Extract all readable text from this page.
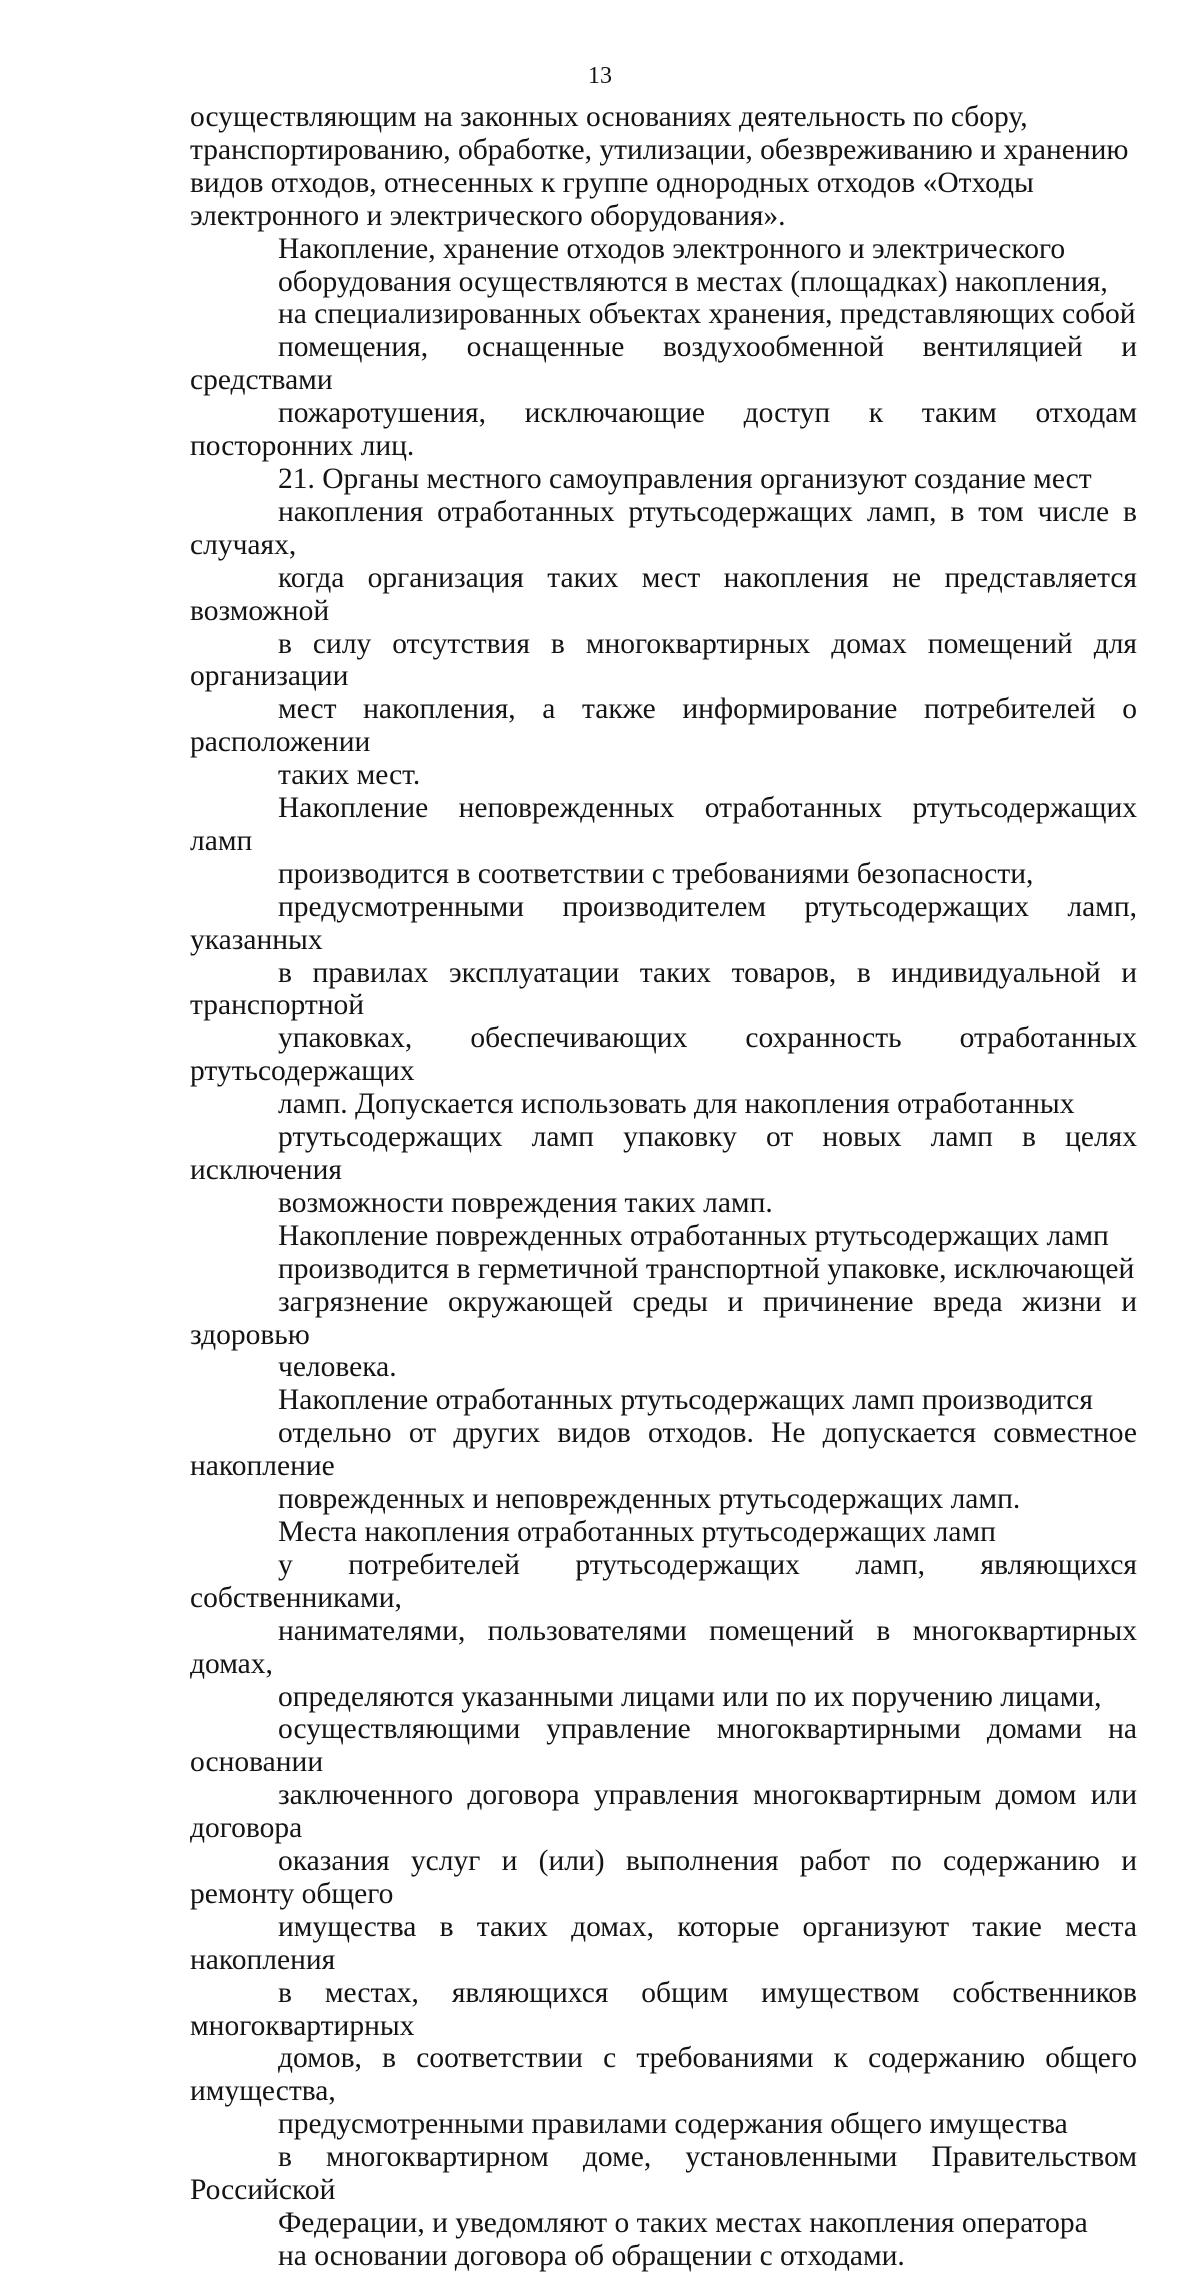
13

осуществляющим на законных основаниях деятельность по сбору,
транспортированию, обработке, утилизации, обезвреживанию и хранению
видов отходов, отнесенных к группе однородных отходов «Отходы
электронного и электрического оборудования».

Накопление, хранение отходов электронного и электрического
оборудования осуществляются в местах (площадках) накопления,
на специализированных объектах хранения, представляющих собой
помещения, оснащенные воздухообменной вентиляцией и средствами
пожаротушения, исключающие доступ к таким отходам посторонних лиц.

21. Органы местного самоуправления организуют создание мест
накопления отработанных ртутьсодержащих ламп, в том числе в случаях,
когда организация таких мест накопления не представляется возможной
в силу отсутствия в многоквартирных домах помещений для организации
мест накопления, а также информирование потребителей о расположении
таких мест.

Накопление неповрежденных отработанных ртутьсодержащих ламп
производится в соответствии с требованиями безопасности,
предусмотренными производителем ртутьсодержащих ламп, указанных
в правилах эксплуатации таких товаров, в индивидуальной и транспортной
упаковках, обеспечивающих сохранность отработанных ртутьсодержащих
ламп. Допускается использовать для накопления отработанных
ртутьсодержащих ламп упаковку от новых ламп в целях исключения
возможности повреждения таких ламп.

Накопление поврежденных отработанных ртутьсодержащих ламп
производится в герметичной транспортной упаковке, исключающей
загрязнение окружающей среды и причинение вреда жизни и здоровью
человека.

Накопление отработанных ртутьсодержащих ламп производится
отдельно от других видов отходов. Не допускается совместное накопление
поврежденных и неповрежденных ртутьсодержащих ламп.

Места накопления отработанных ртутьсодержащих ламп
у потребителей ртутьсодержащих ламп, являющихся собственниками,
нанимателями, пользователями помещений в многоквартирных домах,
определяются указанными лицами или по их поручению лицами,
осуществляющими управление многоквартирными домами на основании
заключенного договора управления многоквартирным домом или договора
оказания услуг и (или) выполнения работ по содержанию и ремонту общего
имущества в таких домах, которые организуют такие места накопления
в местах, являющихся общим имуществом собственников многоквартирных
домов, в соответствии с требованиями к содержанию общего имущества,
предусмотренными правилами содержания общего имущества
в многоквартирном доме, установленными Правительством Российской
Федерации, и уведомляют о таких местах накопления оператора
на основании договора об обращении с отходами.
